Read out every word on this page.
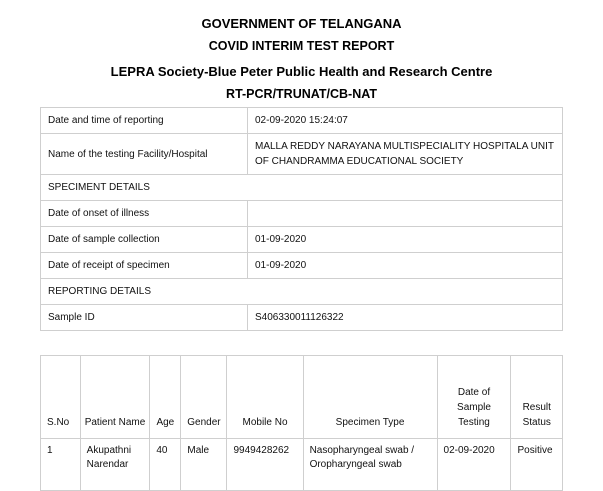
GOVERNMENT OF TELANGANA
COVID INTERIM TEST REPORT
LEPRA Society-Blue Peter Public Health and Research Centre
RT-PCR/TRUNAT/CB-NAT
Date and time of reporting	02-09-2020 15:24:07
Name of the testing Facility/Hospital	MALLA REDDY NARAYANA MULTISPECIALITY HOSPITALA UNIT OF CHANDRAMMA EDUCATIONAL SOCIETY
SPECIMENT DETAILS	
Date of onset of illness	
Date of sample collection	01-09-2020
Date of receipt of specimen	01-09-2020
REPORTING DETAILS	
Sample ID	S406330011126322
S.No	Patient Name	Age	Gender	Mobile No	Specimen Type	Date of Sample Testing	Result Status
1	Akupathni Narendar	40	Male	9949428262	Nasopharyngeal swab / Oropharyngeal swab	02-09-2020	Positive
